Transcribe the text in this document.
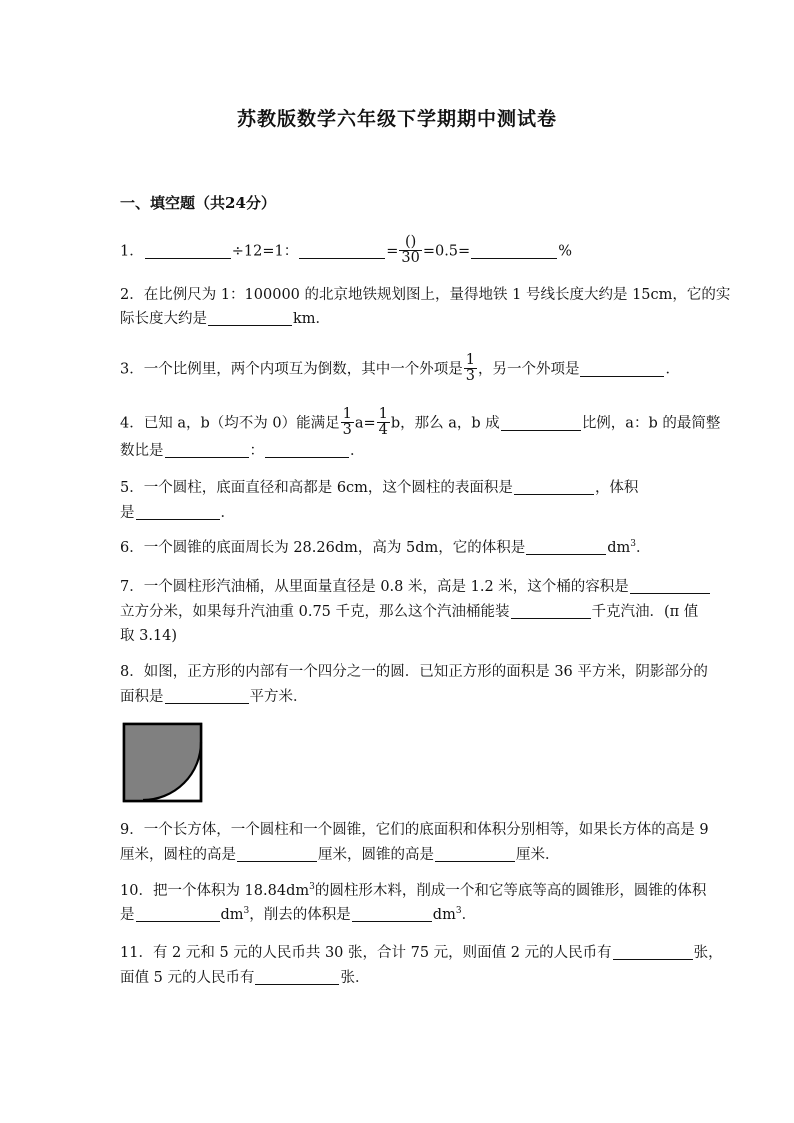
苏教版数学六年级下学期期中测试卷
一、填空题（共24分）
1．	÷12=1：	= $\frac{()}{30} =0.5=$	%
2．在比例尺为 1：100000 的北京地铁规划图上，量得地铁 1 号线长度大约是 15cm，它的实
际长度大约是	km．
3．一个比例里，两个内项互为倒数，其中一个外项是 $\frac{1}{3}$ ，另一个外项是	．
4．已知 a，b（均不为 0）能满足 $\frac{1}{3} a= \frac{1}{4}$ b，那么 a，b 成	比例，a：b 的最简整
数比是	：	．
5．一个圆柱，底面直径和高都是 6cm，这个圆柱的表面积是	，体积
是	．
6．一个圆锥的底面周长为 28.26dm，高为 5dm，它的体积是	$dm^3$．
7．一个圆柱形汽油桶，从里面量直径是 0.8 米，高是 1.2 米，这个桶的容积是
立方分米，如果每升汽油重 0.75 千克，那么这个汽油桶能装	千克汽油．(π 值
取 3.14)
8．如图，正方形的内部有一个四分之一的圆．已知正方形的面积是 36 平方米，阴影部分的
面积是	平方米．
9．一个长方体，一个圆柱和一个圆锥，它们的底面积和体积分别相等，如果长方体的高是 9
厘米，圆柱的高是	厘米，圆锥的高是	厘米．
10．把一个体积为 $18.84dm^3$的圆柱形木料，削成一个和它等底等高的圆锥形，圆锥的体积
是	$dm^3$，削去的体积是	$dm^3$．
11．有 2 元和 5 元的人民币共 30 张，合计 75 元，则面值 2 元的人民币有	张，
面值 5 元的人民币有	张．
